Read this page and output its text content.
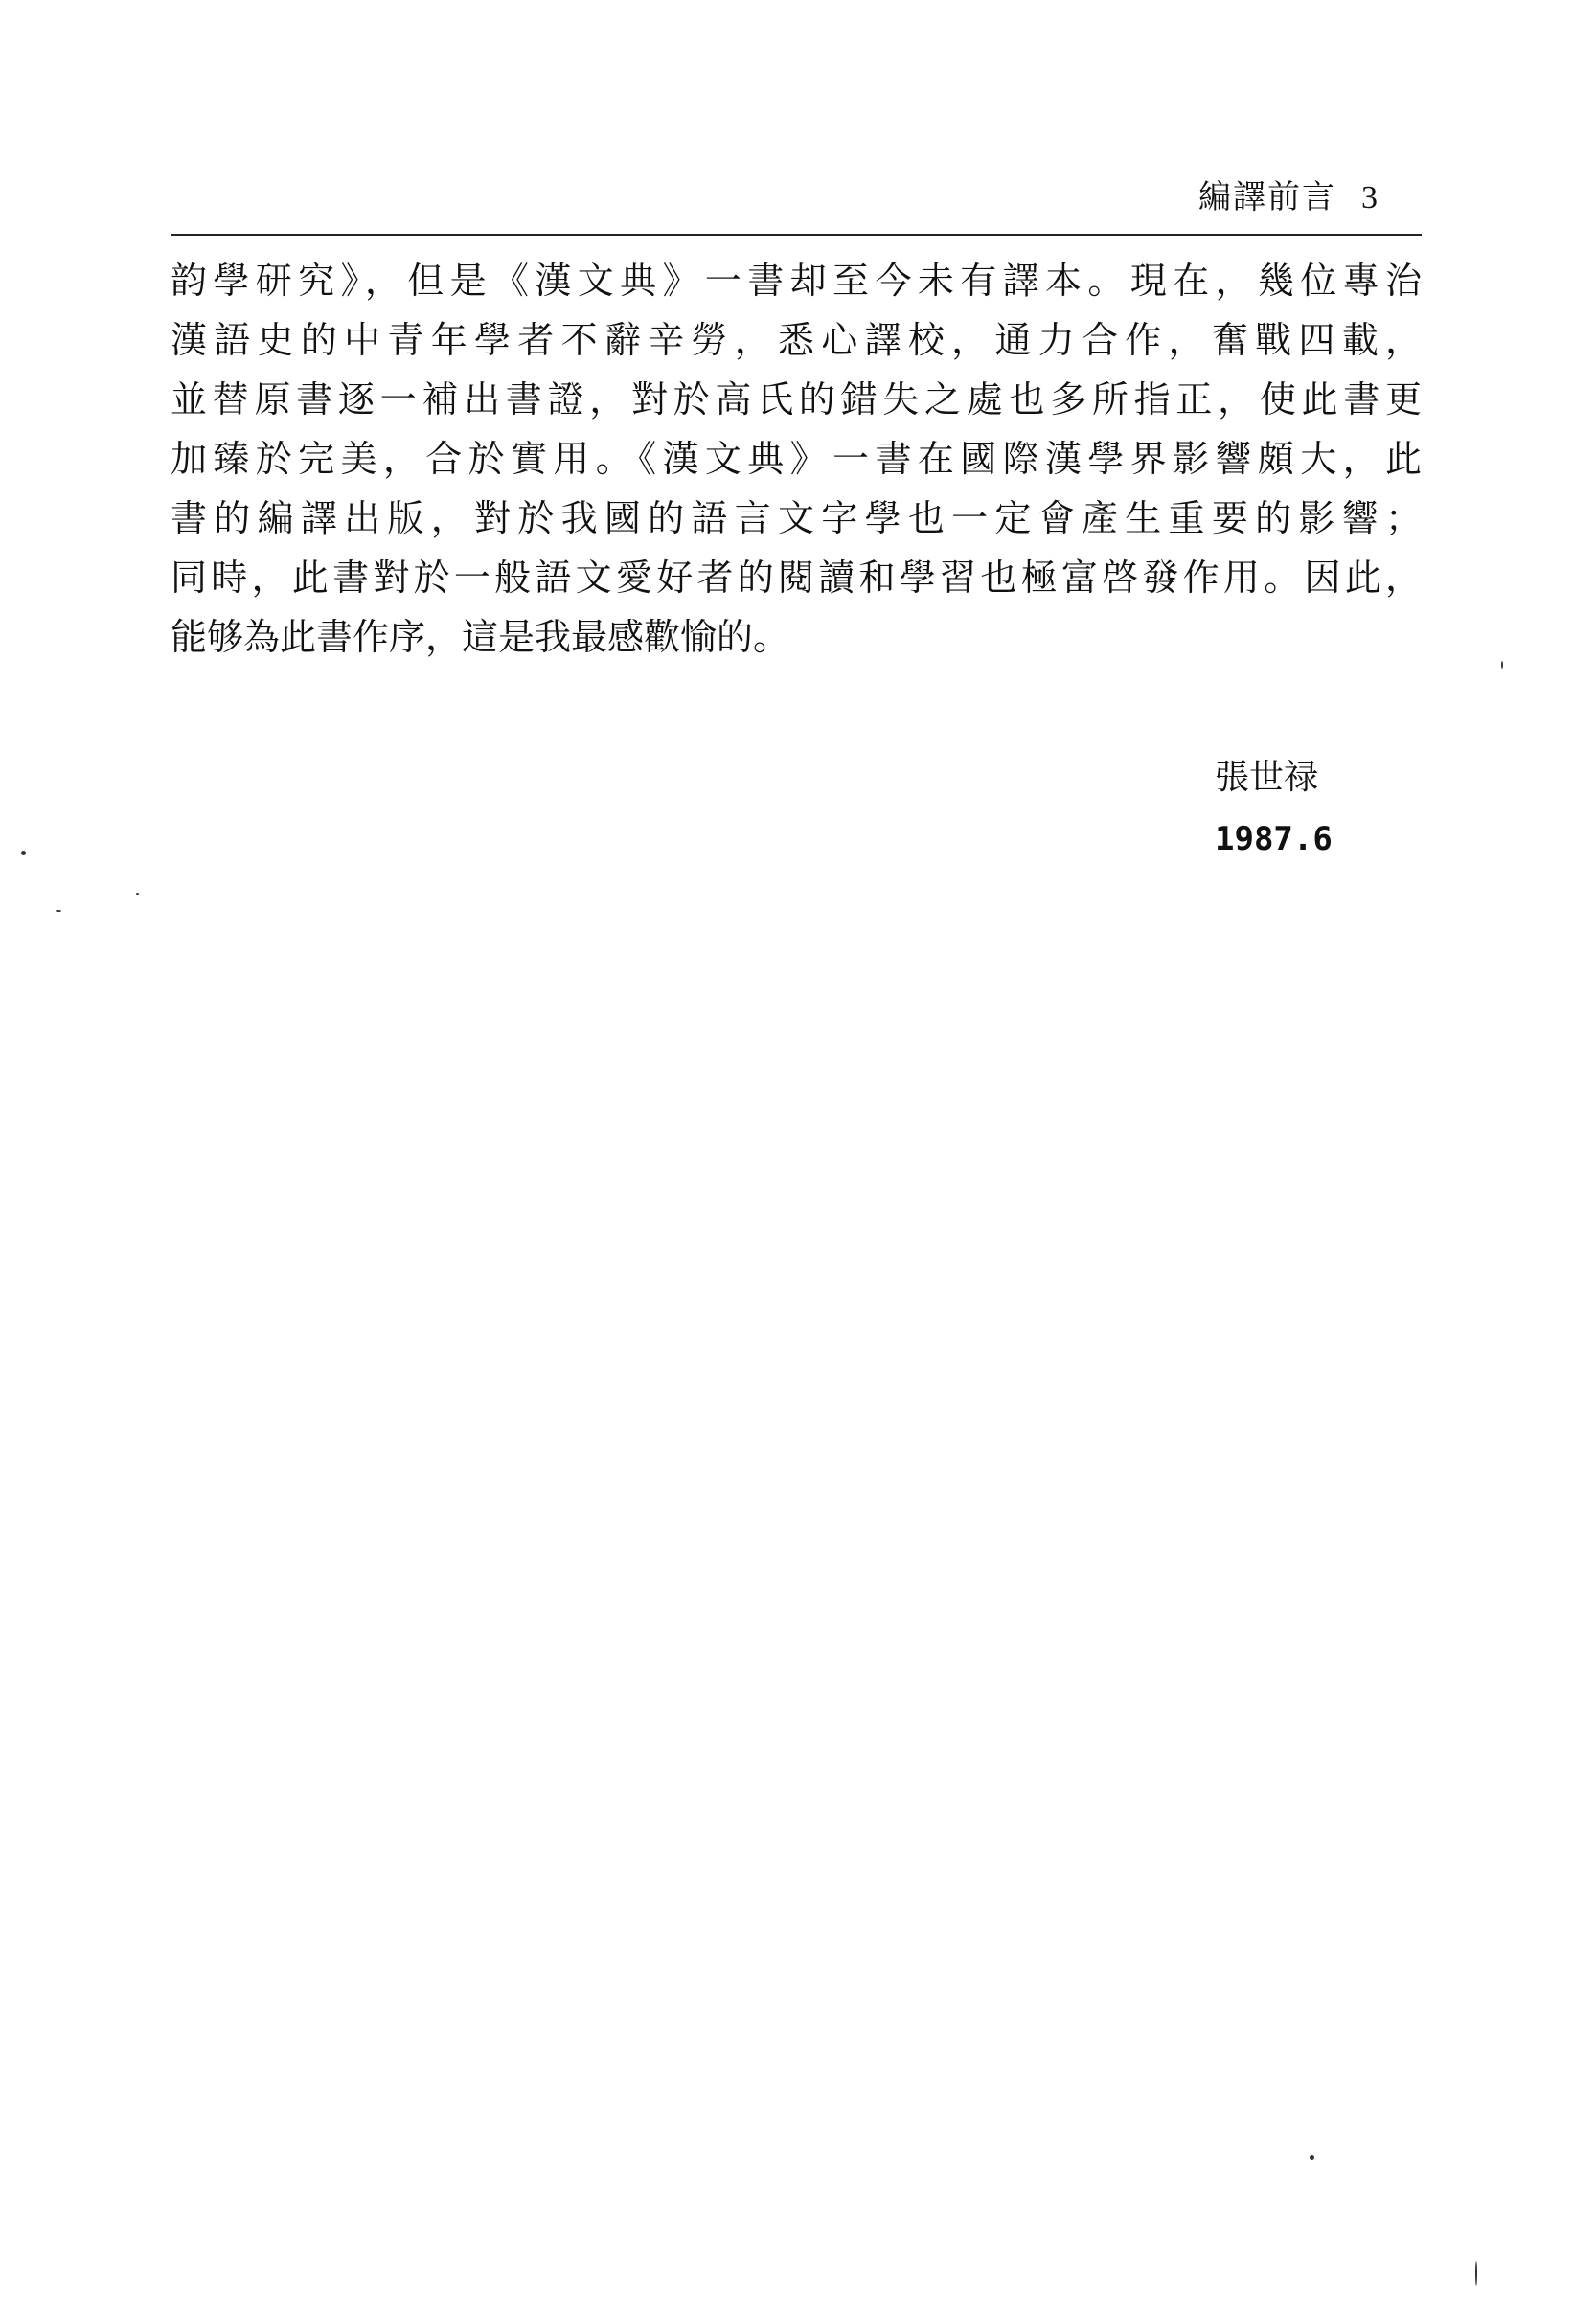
編譯前言 3
韵學研究》，但是《漢文典》一書却至今未有譯本。現在，幾位專治
漢語史的中青年學者不辭辛勞，悉心譯校，通力合作，奮戰四載，
並替原書逐一補出書證，對於高氏的錯失之處也多所指正，使此書更
加臻於完美，合於實用。《漢文典》一書在國際漢學界影響頗大，此
書的編譯出版，對於我國的語言文字學也一定會產生重要的影響；
同時，此書對於一般語文愛好者的閱讀和學習也極富啓發作用。因此，
能够為此書作序，這是我最感歡愉的。
張世禄
1987.6
